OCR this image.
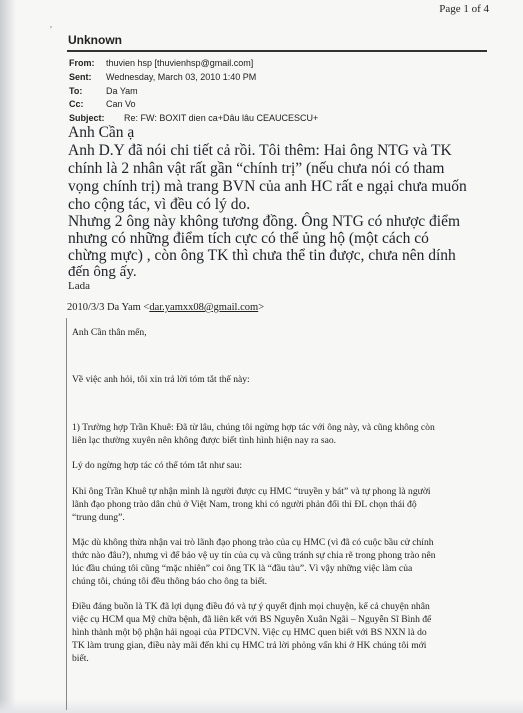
Page 1 of 4
ʹ
Unknown
From: thuvien hsp [thuvienhsp@gmail.com]
Sent: Wednesday, March 03, 2010 1:40 PM
To:	Da Yam
Cc: Can Vo
Subject: Re: FW: BOXIT dien ca+Dâu lâu CEAUCESCU+
Anh Cần ạ
Anh D.Y đã nói chi tiết cả rồi. Tôi thêm: Hai ông NTG và TK
chính là 2 nhân vật rất gần “chính trị” (nếu chưa nói có tham
vọng chính trị) mà trang BVN của anh HC rất e ngại chưa muốn
cho cộng tác, vì đều có lý do.
Nhưng 2 ông này không tương đồng. Ông NTG có nhược điểm
nhưng có những điểm tích cực có thể ủng hộ (một cách có
chừng mực) , còn ông TK thì chưa thể tin được, chưa nên dính
đến ông ấy.
Lada
2010/3/3 Da Yam <dar.yamxx08@gmail.com>
Anh Cần thân mến,
Về việc anh hỏi, tôi xin trả lời tóm tắt thế này:
1) Trường hợp Trần Khuê: Đã từ lâu, chúng tôi ngừng hợp tác với ông này, và cũng không còn
liên lạc thường xuyên nên không được biết tình hình hiện nay ra sao.
Lý do ngừng hợp tác có thể tóm tắt như sau:
Khi ông Trần Khuê tự nhận mình là người được cụ HMC “truyền y bát” và tự phong là người
lãnh đạo phong trào dân chủ ở Việt Nam, trong khi có người phản đối thì ĐL chọn thái độ
“trung dung”.
Mặc dù không thừa nhận vai trò lãnh đạo phong trào của cụ HMC (vì đã có cuộc bầu cử chính
thức nào đâu?), nhưng vì để bảo vệ uy tín của cụ và cũng tránh sự chia rẽ trong phong trào nên
lúc đầu chúng tôi cũng “mặc nhiên” coi ông TK là “đầu tàu”. Vì vậy những việc làm của
chúng tôi, chúng tôi đều thông báo cho ông ta biết.
Điều đáng buồn là TK đã lợi dụng điều đó và tự ý quyết định mọi chuyện, kể cả chuyện nhân
việc cụ HCM qua Mỹ chữa bệnh, đã liên kết với BS Nguyễn Xuân Ngãi – Nguyễn Sĩ Bình để
hình thành một bộ phận hải ngoại của PTDCVN. Việc cụ HMC quen biết với BS NXN là do
TK làm trung gian, điều này mãi đến khi cụ HMC trả lời phỏng vấn khi ở HK chúng tôi mới
biết.
